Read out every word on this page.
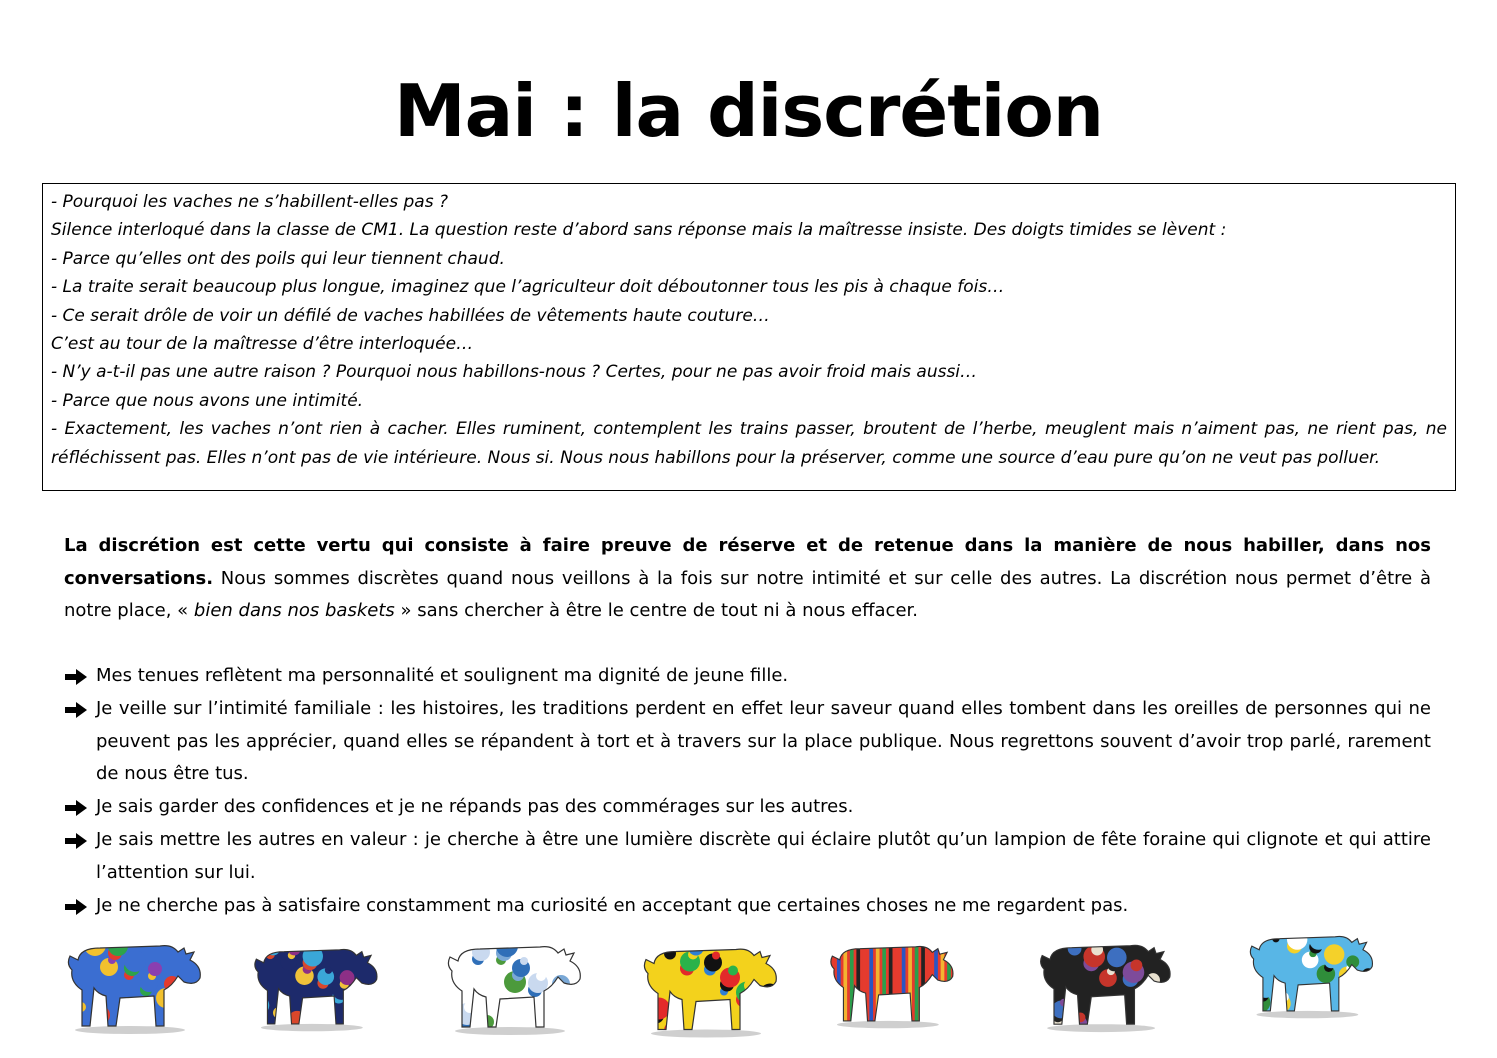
Mai : la discrétion

- Pourquoi les vaches ne s’habillent-elles pas ?

Silence interloqué dans la classe de CM1. La question reste d’abord sans réponse mais la maîtresse insiste. Des doigts timides se lèvent :

- Parce qu’elles ont des poils qui leur tiennent chaud.

- La traite serait beaucoup plus longue, imaginez que l’agriculteur doit déboutonner tous les pis à chaque fois…

- Ce serait drôle de voir un défilé de vaches habillées de vêtements haute couture…

C’est au tour de la maîtresse d’être interloquée…

- N’y a-t-il pas une autre raison ? Pourquoi nous habillons-nous ? Certes, pour ne pas avoir froid mais aussi…

- Parce que nous avons une intimité.

- Exactement, les vaches n’ont rien à cacher. Elles ruminent, contemplent les trains passer, broutent de l’herbe, meuglent mais n’aiment pas, ne rient pas, ne réfléchissent pas. Elles n’ont pas de vie intérieure. Nous si. Nous nous habillons pour la préserver, comme une source d’eau pure qu’on ne veut pas polluer.

La discrétion est cette vertu qui consiste à faire preuve de réserve et de retenue dans la manière de nous habiller, dans nos conversations. Nous sommes discrètes quand nous veillons à la fois sur notre intimité et sur celle des autres. La discrétion nous permet d’être à notre place, « bien dans nos baskets » sans chercher à être le centre de tout ni à nous effacer.

Mes tenues reflètent ma personnalité et soulignent ma dignité de jeune fille.
Je veille sur l’intimité familiale : les histoires, les traditions perdent en effet leur saveur quand elles tombent dans les oreilles de personnes qui ne peuvent pas les apprécier, quand elles se répandent à tort et à travers sur la place publique. Nous regrettons souvent d’avoir trop parlé, rarement de nous être tus.
Je sais garder des confidences et je ne répands pas des commérages sur les autres.
Je sais mettre les autres en valeur : je cherche à être une lumière discrète qui éclaire plutôt qu’un lampion de fête foraine qui clignote et qui attire l’attention sur lui.
Je ne cherche pas à satisfaire constamment ma curiosité en acceptant que certaines choses ne me regardent pas.
